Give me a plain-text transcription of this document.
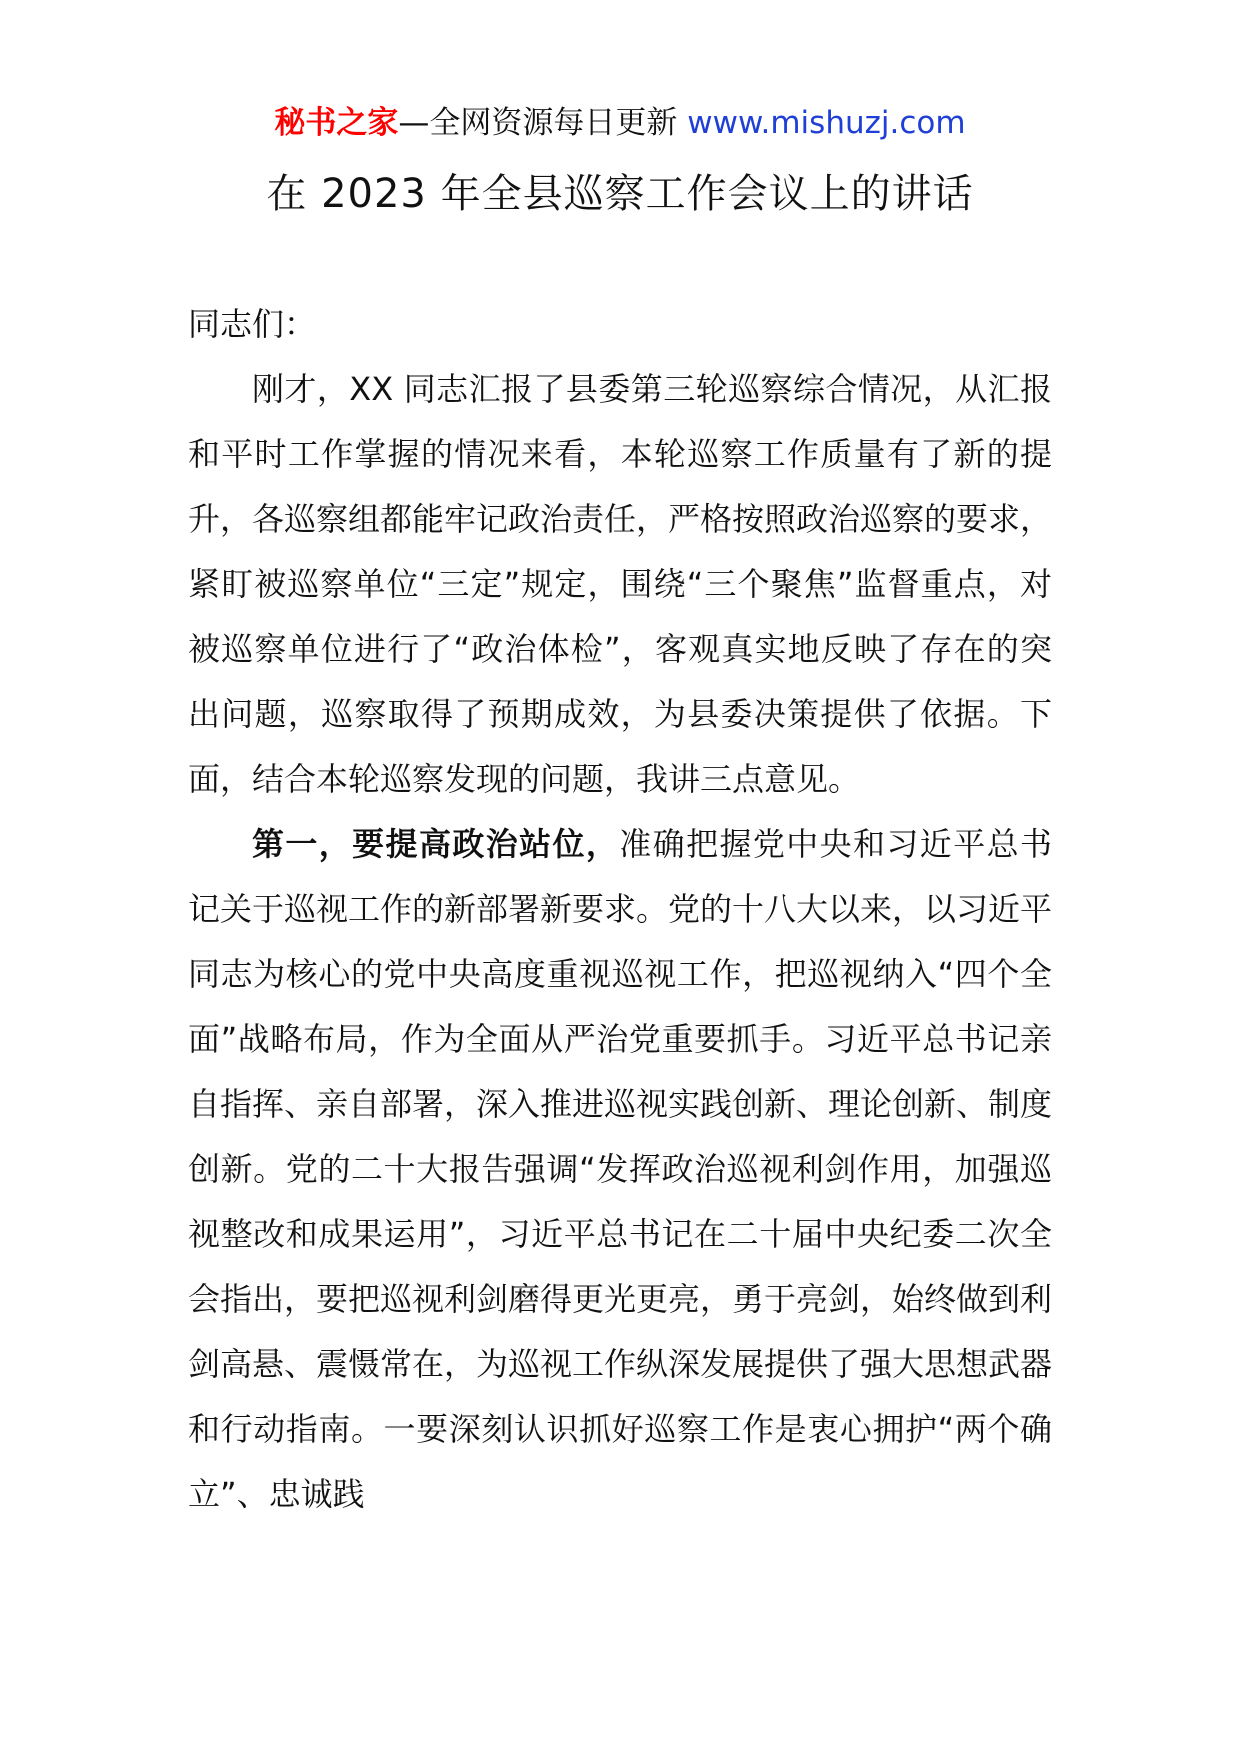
秘书之家—全网资源每日更新 www.mishuzj.com
在 2023 年全县巡察工作会议上的讲话

同志们：

刚才，XX 同志汇报了县委第三轮巡察综合情况，从汇报和平时工作掌握的情况来看，本轮巡察工作质量有了新的提升，各巡察组都能牢记政治责任，严格按照政治巡察的要求，紧盯被巡察单位“三定”规定，围绕“三个聚焦”监督重点，对被巡察单位进行了“政治体检”，客观真实地反映了存在的突出问题，巡察取得了预期成效，为县委决策提供了依据。下面，结合本轮巡察发现的问题，我讲三点意见。

第一，要提高政治站位，准确把握党中央和习近平总书记关于巡视工作的新部署新要求。党的十八大以来，以习近平同志为核心的党中央高度重视巡视工作，把巡视纳入“四个全面”战略布局，作为全面从严治党重要抓手。习近平总书记亲自指挥、亲自部署，深入推进巡视实践创新、理论创新、制度创新。党的二十大报告强调“发挥政治巡视利剑作用，加强巡视整改和成果运用”，习近平总书记在二十届中央纪委二次全会指出，要把巡视利剑磨得更光更亮，勇于亮剑，始终做到利剑高悬、震慑常在，为巡视工作纵深发展提供了强大思想武器和行动指南。一要深刻认识抓好巡察工作是衷心拥护“两个确立”、忠诚践
